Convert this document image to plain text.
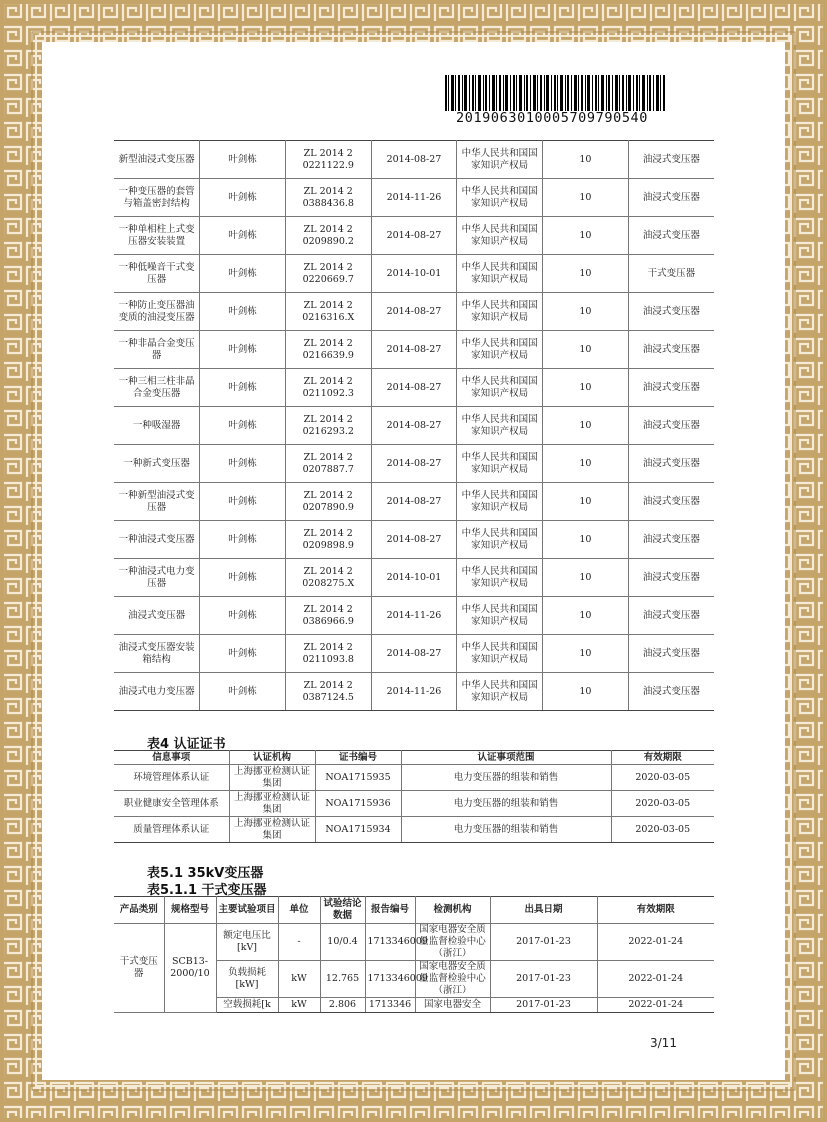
2019063010005709790540
新型油浸式变压器	叶剑栋	ZL 2014 2 0221122.9	2014-08-27	中华人民共和国国家知识产权局	10	油浸式变压器
一种变压器的套管与箱盖密封结构	叶剑栋	ZL 2014 2 0388436.8	2014-11-26	中华人民共和国国家知识产权局	10	油浸式变压器
一种单相柱上式变压器安装装置	叶剑栋	ZL 2014 2 0209890.2	2014-08-27	中华人民共和国国家知识产权局	10	油浸式变压器
一种低噪音干式变压器	叶剑栋	ZL 2014 2 0220669.7	2014-10-01	中华人民共和国国家知识产权局	10	干式变压器
一种防止变压器油变质的油浸变压器	叶剑栋	ZL 2014 2 0216316.X	2014-08-27	中华人民共和国国家知识产权局	10	油浸式变压器
一种非晶合金变压器	叶剑栋	ZL 2014 2 0216639.9	2014-08-27	中华人民共和国国家知识产权局	10	油浸式变压器
一种三相三柱非晶合金变压器	叶剑栋	ZL 2014 2 0211092.3	2014-08-27	中华人民共和国国家知识产权局	10	油浸式变压器
一种吸湿器	叶剑栋	ZL 2014 2 0216293.2	2014-08-27	中华人民共和国国家知识产权局	10	油浸式变压器
一种新式变压器	叶剑栋	ZL 2014 2 0207887.7	2014-08-27	中华人民共和国国家知识产权局	10	油浸式变压器
一种新型油浸式变压器	叶剑栋	ZL 2014 2 0207890.9	2014-08-27	中华人民共和国国家知识产权局	10	油浸式变压器
一种油浸式变压器	叶剑栋	ZL 2014 2 0209898.9	2014-08-27	中华人民共和国国家知识产权局	10	油浸式变压器
一种油浸式电力变压器	叶剑栋	ZL 2014 2 0208275.X	2014-10-01	中华人民共和国国家知识产权局	10	油浸式变压器
油浸式变压器	叶剑栋	ZL 2014 2 0386966.9	2014-11-26	中华人民共和国国家知识产权局	10	油浸式变压器
油浸式变压器安装箱结构	叶剑栋	ZL 2014 2 0211093.8	2014-08-27	中华人民共和国国家知识产权局	10	油浸式变压器
油浸式电力变压器	叶剑栋	ZL 2014 2 0387124.5	2014-11-26	中华人民共和国国家知识产权局	10	油浸式变压器
表4 认证证书
信息事项	认证机构	证书编号	认证事项范围	有效期限
环境管理体系认证	上海挪亚检测认证集团	NOA1715935	电力变压器的组装和销售	2020-03-05
职业健康安全管理体系	上海挪亚检测认证集团	NOA1715936	电力变压器的组装和销售	2020-03-05
质量管理体系认证	上海挪亚检测认证集团	NOA1715934	电力变压器的组装和销售	2020-03-05
表5.1 35kV变压器
表5.1.1 干式变压器
产品类别	规格型号	主要试验项目	单位	试验结论数据	报告编号	检测机构	出具日期	有效期限
干式变压器	SCB13-2000/10	额定电压比[kV]	-	10/0.4	1713346009	国家电器安全质量监督检验中心（浙江）	2017-01-23	2022-01-24
		负载损耗[kW]	kW	12.765	1713346009	国家电器安全质量监督检验中心（浙江）	2017-01-23	2022-01-24
		空载损耗[k	kW	2.806	1713346	国家电器安全	2017-01-23	2022-01-24
3/11
